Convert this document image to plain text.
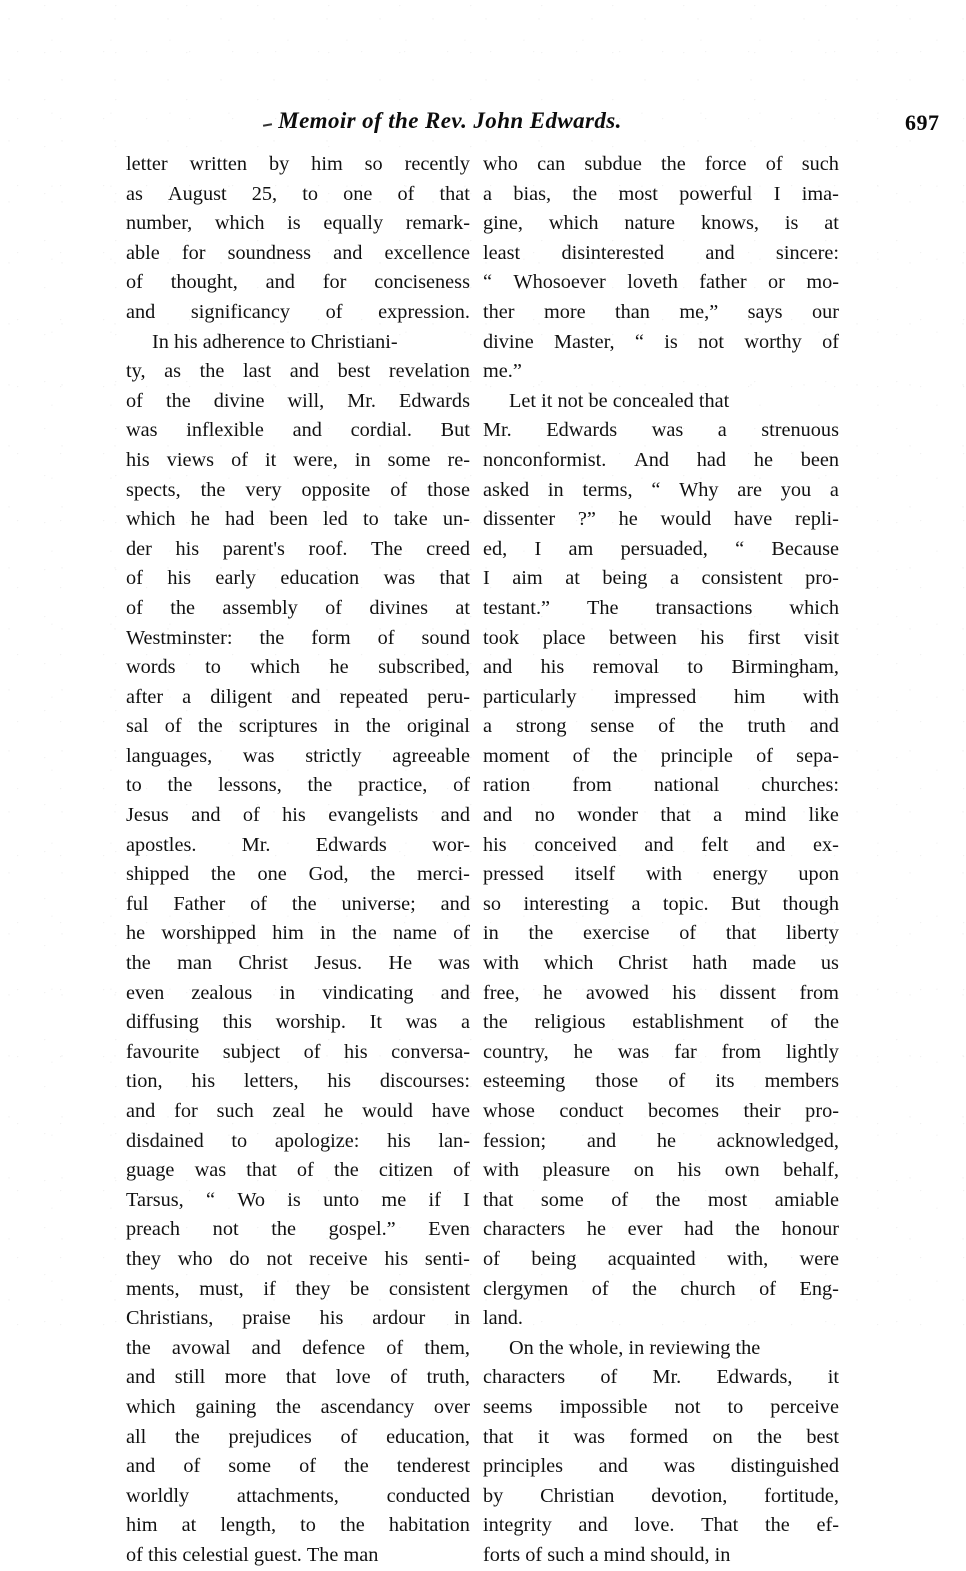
Memoir of the Rev. John Edwards.	697
letter written by him so recently
as August 25, to one of that
number, which is equally remark-
able for soundness and excellence
of thought, and for conciseness
and significancy of expression.
In
his
adherence
to
Christiani-
ty, as the last and best revelation
of the divine will, Mr. Edwards
was inflexible and cordial. But
his views of it were, in some re-
spects, the very opposite of those
which he had been led to take un-
der his parent's roof. The creed
of his early education was that
of the assembly of divines at
Westminster: the form of sound
words to which he subscribed,
after a diligent and repeated peru-
sal of the scriptures in the original
languages, was strictly agreeable
to the lessons, the practice, of
Jesus and of his evangelists and
apostles. Mr. Edwards wor-
shipped the one God, the merci-
ful Father of the universe; and
he worshipped him in the name of
the man Christ Jesus. He was
even zealous in vindicating and
diffusing this worship. It was a
favourite subject of his conversa-
tion, his letters, his discourses:
and for such zeal he would have
disdained to apologize: his lan-
guage was that of the citizen of
Tarsus, “ Wo is unto me if I
preach not the gospel.” Even
they who do not receive his senti-
ments, must, if they be consistent
Christians, praise his ardour in
the avowal and defence of them,
and still more that love of truth,
which gaining the ascendancy over
all the prejudices of education,
and of some of the tenderest
worldly attachments, conducted
him at length, to the habitation
of
this
celestial
guest.
The
man
who can subdue the force of such
a bias, the most powerful I ima-
gine, which nature knows, is at
least disinterested and sincere:
“ Whosoever loveth father or mo-
ther more than me,” says our
divine Master, “ is not worthy of
me.”
Let
it
not
be
concealed
that
Mr. Edwards was a strenuous
nonconformist. And had he been
asked in terms, “ Why are you a
dissenter ?” he would have repli-
ed, I am persuaded, “ Because
I aim at being a consistent pro-
testant.” The transactions which
took place between his first visit
and his removal to Birmingham,
particularly impressed him with
a strong sense of the truth and
moment of the principle of sepa-
ration from national churches:
and no wonder that a mind like
his conceived and felt and ex-
pressed itself with energy upon
so interesting a topic. But though
in the exercise of that liberty
with which Christ hath made us
free, he avowed his dissent from
the religious establishment of the
country, he was far from lightly
esteeming those of its members
whose conduct becomes their pro-
fession; and he acknowledged,
with pleasure on his own behalf,
that some of the most amiable
characters he ever had the honour
of being acquainted with, were
clergymen of the church of Eng-
land.
On
the
whole,
in
reviewing
the
characters of Mr. Edwards, it
seems impossible not to perceive
that it was formed on the best
principles and was distinguished
by Christian devotion, fortitude,
integrity and love. That the ef-
forts
of
such
a
mind
should,
in
